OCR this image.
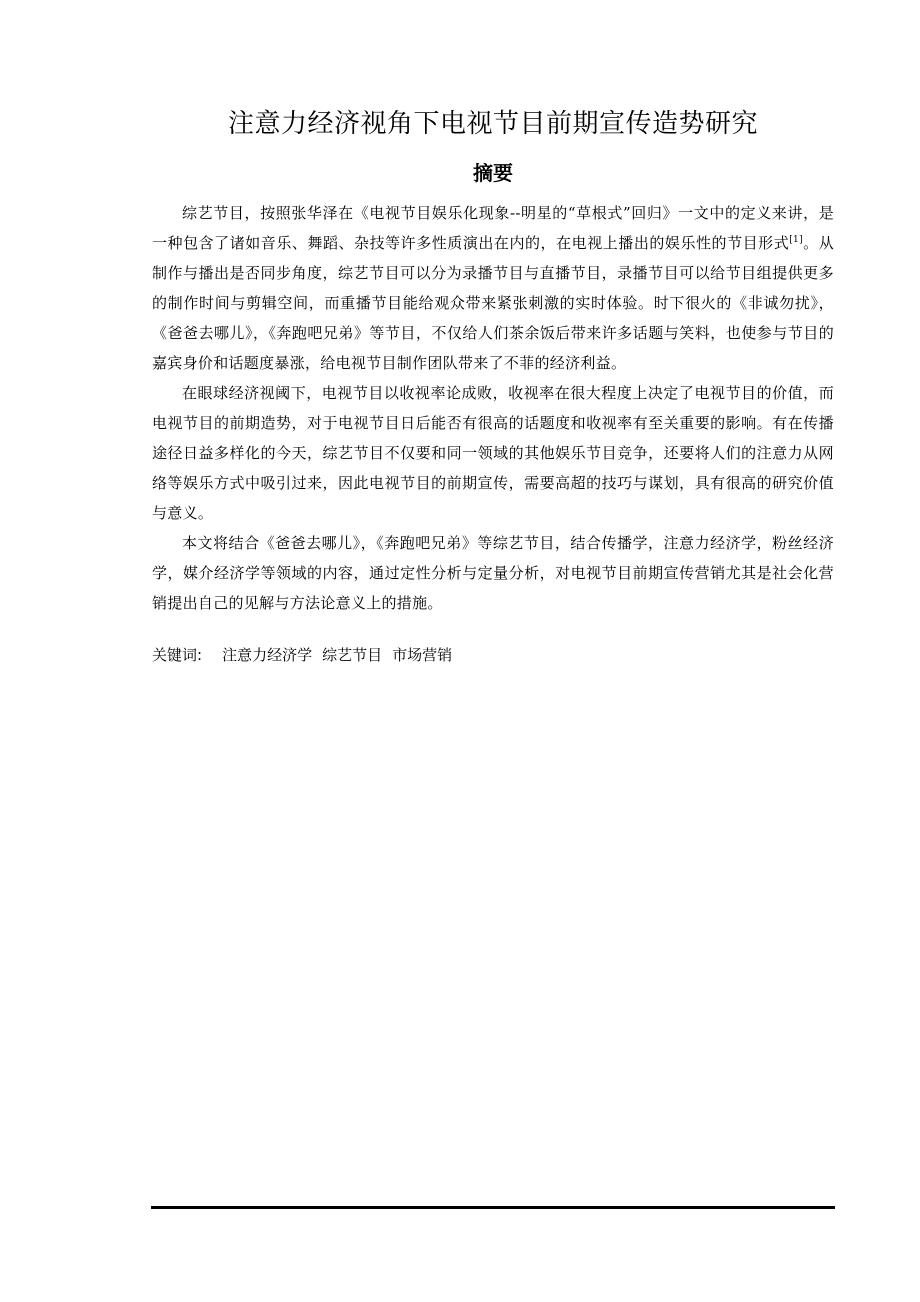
注意力经济视角下电视节目前期宣传造势研究
摘要

综艺节目，按照张华泽在《电视节目娱乐化现象--明星的“草根式”回归》一文中的定义来讲，是一种包含了诸如音乐、舞蹈、杂技等许多性质演出在内的，在电视上播出的娱乐性的节目形式[1]。从制作与播出是否同步角度，综艺节目可以分为录播节目与直播节目，录播节目可以给节目组提供更多的制作时间与剪辑空间，而重播节目能给观众带来紧张刺激的实时体验。时下很火的《非诚勿扰》，《爸爸去哪儿》，《奔跑吧兄弟》等节目，不仅给人们茶余饭后带来许多话题与笑料，也使参与节目的嘉宾身价和话题度暴涨，给电视节目制作团队带来了不菲的经济利益。

在眼球经济视阈下，电视节目以收视率论成败，收视率在很大程度上决定了电视节目的价值，而电视节目的前期造势，对于电视节目日后能否有很高的话题度和收视率有至关重要的影响。有在传播途径日益多样化的今天，综艺节目不仅要和同一领域的其他娱乐节目竞争，还要将人们的注意力从网络等娱乐方式中吸引过来，因此电视节目的前期宣传，需要高超的技巧与谋划，具有很高的研究价值与意义。

本文将结合《爸爸去哪儿》，《奔跑吧兄弟》等综艺节目，结合传播学，注意力经济学，粉丝经济学，媒介经济学等领域的内容，通过定性分析与定量分析，对电视节目前期宣传营销尤其是社会化营销提出自己的见解与方法论意义上的措施。

关键词: 注意力经济学 综艺节目 市场营销
